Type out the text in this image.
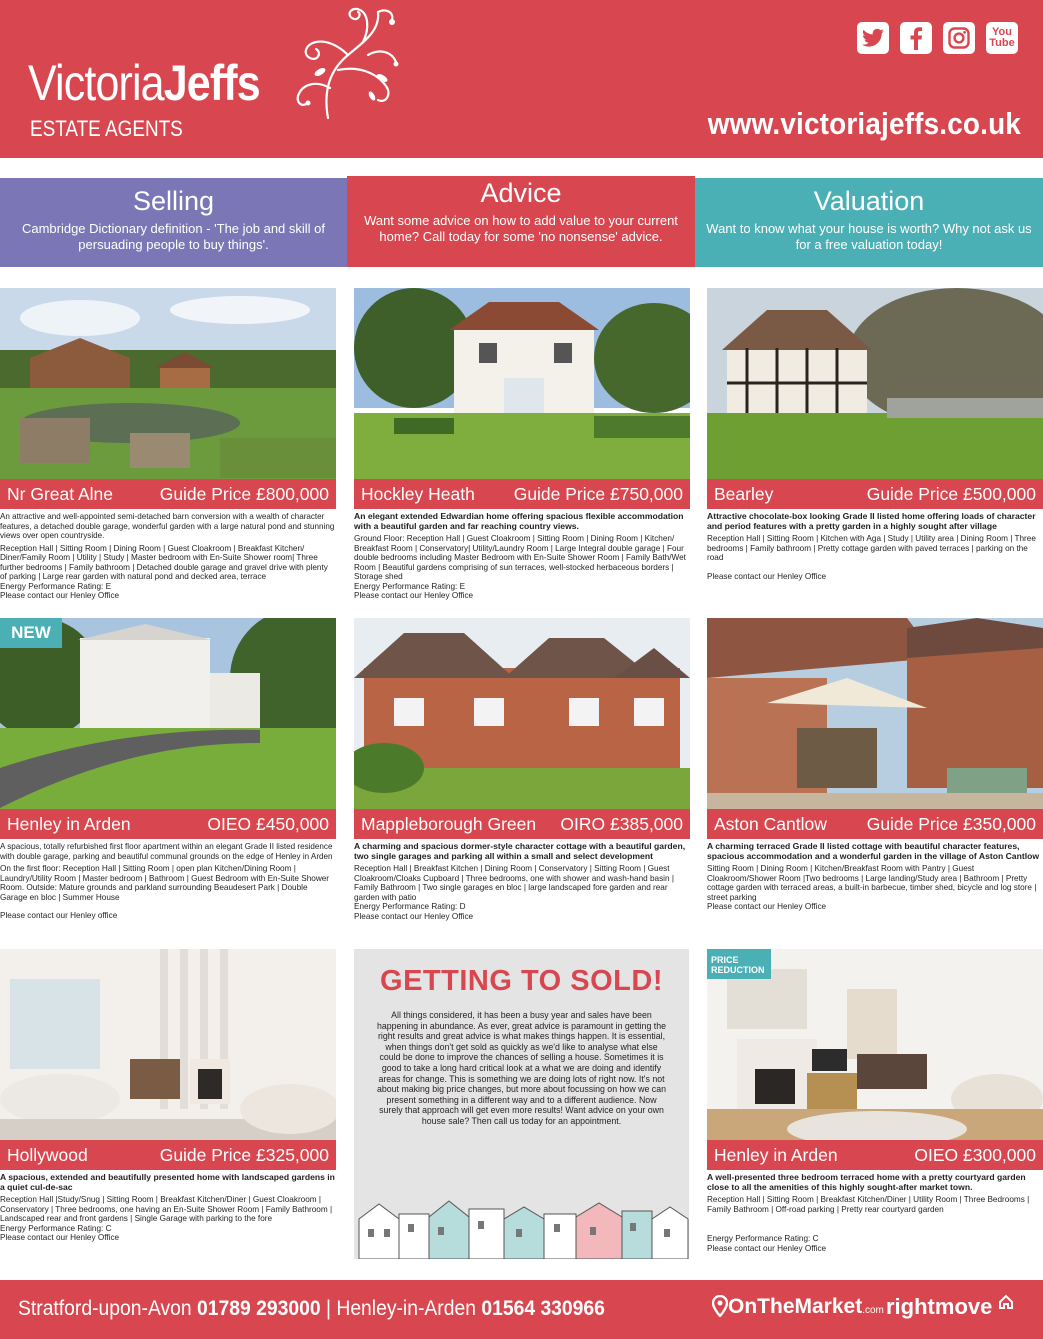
VictoriaJeffs
ESTATE AGENTS
You
Tube
www.victoriajeffs.co.uk
Selling

Cambridge Dictionary definition - 'The job and skill of persuading people to buy things'.

Advice

Want some advice on how to add value to your current home? Call today for some 'no nonsense' advice.

Valuation

Want to know what your house is worth? Why not ask us for a free valuation today!

Nr Great Alne	Guide Price £800,000
An attractive and well-appointed semi-detached barn conversion with a wealth of character features, a detached double garage, wonderful garden with a large natural pond and stunning views over open countryside.
Reception Hall | Sitting Room | Dining Room | Guest Cloakroom | Breakfast Kitchen/ Diner/Family Room | Utility | Study | Master bedroom with En-Suite Shower room| Three further bedrooms | Family bathroom | Detached double garage and gravel drive with plenty of parking | Large rear garden with natural pond and decked area, terrace
Energy Performance Rating: E
Please contact our Henley Office
Hockley Heath Guide Price £750,000
An elegant extended Edwardian home offering spacious flexible accommodation with a beautiful garden and far reaching country views.
Ground Floor: Reception Hall | Guest Cloakroom | Sitting Room | Dining Room | Kitchen/ Breakfast Room | Conservatory| Utility/Laundry Room | Large Integral double garage | Four double bedrooms including Master Bedroom with En-Suite Shower Room | Family Bath/Wet Room | Beautiful gardens comprising of sun terraces, well-stocked herbaceous borders | Storage shed
Energy Performance Rating: E
Please contact our Henley Office
Bearley	Guide Price £500,000
Attractive chocolate-box looking Grade II listed home offering loads of character and period features with a pretty garden in a highly sought after village
Reception Hall | Sitting Room | Kitchen with Aga | Study | Utility area | Dining Room | Three bedrooms | Family bathroom | Pretty cottage garden with paved terraces | parking on the road
Please contact our Henley Office
NEW
Henley in Arden	OIEO £450,000
A spacious, totally refurbished first floor apartment within an elegant Grade II listed residence with double garage, parking and beautiful communal grounds on the edge of Henley in Arden
On the first floor: Reception Hall | Sitting Room | open plan Kitchen/Dining Room | Laundry/Utility Room | Master bedroom | Bathroom | Guest Bedroom with En-Suite Shower Room. Outside: Mature grounds and parkland surrounding Beaudesert Park | Double Garage en bloc | Summer House
Please contact our Henley office
Mappleborough Green OIRO £385,000
A charming and spacious dormer-style character cottage with a beautiful garden, two single garages and parking all within a small and select development
Reception Hall | Breakfast Kitchen | Dining Room | Conservatory | Sitting Room | Guest Cloakroom/Cloaks Cupboard | Three bedrooms, one with shower and wash-hand basin | Family Bathroom | Two single garages en bloc | large landscaped fore garden and rear garden with patio
Energy Performance Rating: D
Please contact our Henley Office
Aston Cantlow Guide Price £350,000
A charming terraced Grade II listed cottage with beautiful character features, spacious accommodation and a wonderful garden in the village of Aston Cantlow
Sitting Room | Dining Room | Kitchen/Breakfast Room with Pantry | Guest Cloakroom/Shower Room |Two bedrooms | Large landing/Study area | Bathroom | Pretty cottage garden with terraced areas, a built-in barbecue, timber shed, bicycle and log store | street parking
Please contact our Henley Office
Hollywood	Guide Price £325,000
A spacious, extended and beautifully presented home with landscaped gardens in a quiet cul-de-sac
Reception Hall |Study/Snug | Sitting Room | Breakfast Kitchen/Diner | Guest Cloakroom | Conservatory | Three bedrooms, one having an En-Suite Shower Room | Family Bathroom | Landscaped rear and front gardens | Single Garage with parking to the fore
Energy Performance Rating: C
Please contact our Henley Office
GETTING TO SOLD!

All things considered, it has been a busy year and sales have been happening in abundance. As ever, great advice is paramount in getting the right results and great advice is what makes things happen. It is essential, when things don't get sold as quickly as we'd like to analyse what else could be done to improve the chances of selling a house. Sometimes it is good to take a long hard critical look at a what we are doing and identify areas for change. This is something we are doing lots of right now. It's not about making big price changes, but more about focussing on how we can present something in a different way and to a different audience. Now surely that approach will get even more results! Want advice on your own house sale? Then call us today for an appointment.

PRICE REDUCTION
Henley in Arden	OIEO £300,000
A well-presented three bedroom terraced home with a pretty courtyard garden close to all the amenities of this highly sought-after market town.
Reception Hall | Sitting Room | Breakfast Kitchen/Diner | Utility Room | Three Bedrooms | Family Bathroom | Off-road parking | Pretty rear courtyard garden
Energy Performance Rating: C
Please contact our Henley Office
Stratford-upon-Avon 01789 293000 | Henley-in-Arden 01564 330966	OnTheMarket.com rightmove
